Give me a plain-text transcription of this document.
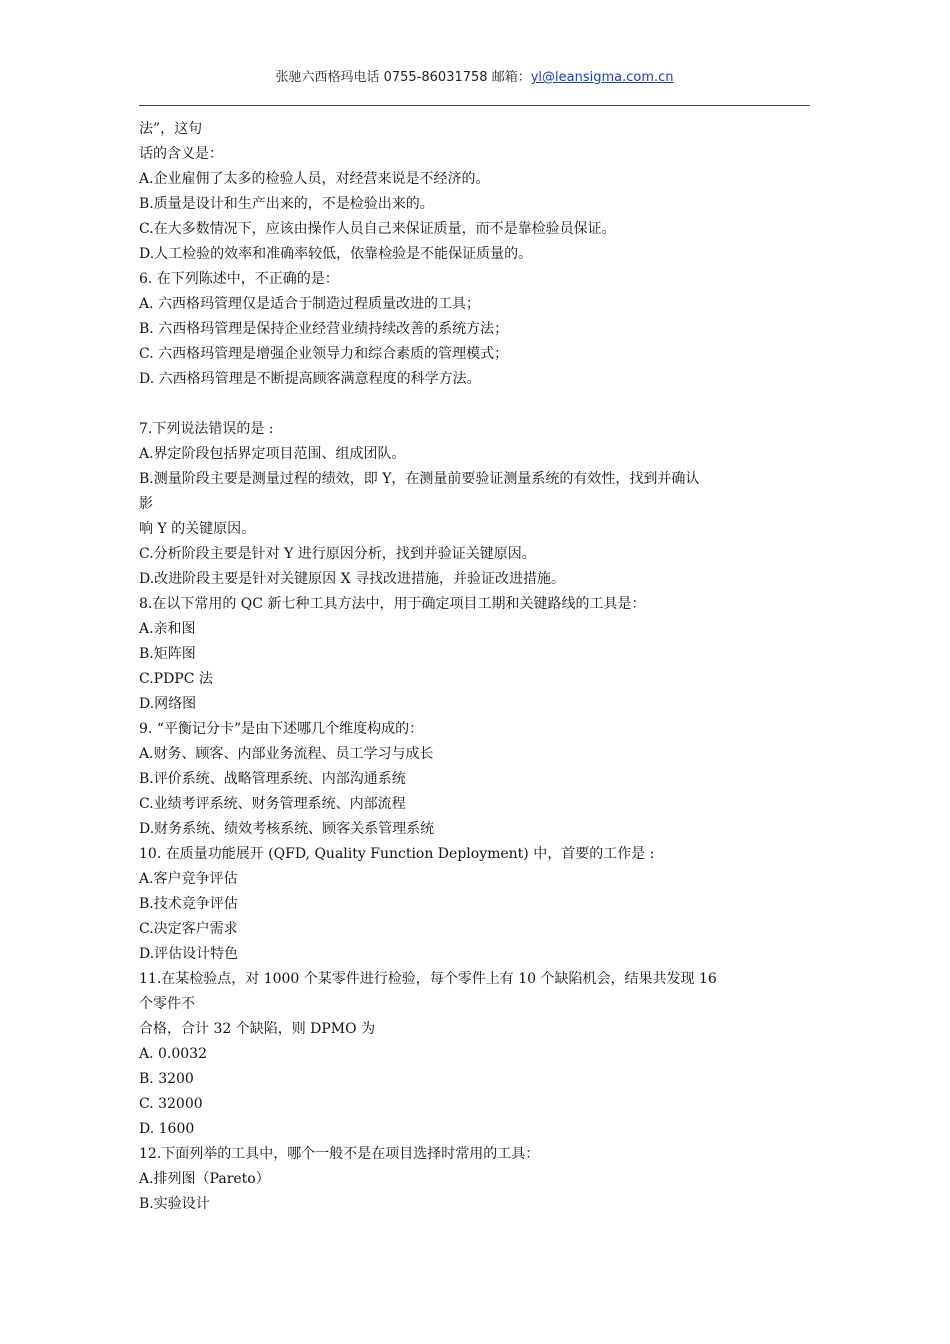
张驰六西格玛电话 0755-86031758 邮箱：yl@leansigma.com.cn
法”，这句
话的含义是：
A.企业雇佣了太多的检验人员，对经营来说是不经济的。
B.质量是设计和生产出来的，不是检验出来的。
C.在大多数情况下，应该由操作人员自己来保证质量，而不是靠检验员保证。
D.人工检验的效率和准确率较低，依靠检验是不能保证质量的。
6. 在下列陈述中，不正确的是：
A. 六西格玛管理仅是适合于制造过程质量改进的工具；
B. 六西格玛管理是保持企业经营业绩持续改善的系统方法；
C. 六西格玛管理是增强企业领导力和综合素质的管理模式；
D. 六西格玛管理是不断提高顾客满意程度的科学方法。
7.下列说法错误的是 :
A.界定阶段包括界定项目范围、组成团队。
B.测量阶段主要是测量过程的绩效，即 Y，在测量前要验证测量系统的有效性，找到并确认
影
响 Y 的关键原因。
C.分析阶段主要是针对 Y 进行原因分析，找到并验证关键原因。
D.改进阶段主要是针对关键原因 X 寻找改进措施，并验证改进措施。
8.在以下常用的 QC 新七种工具方法中，用于确定项目工期和关键路线的工具是：
A.亲和图
B.矩阵图
C.PDPC 法
D.网络图
9. “平衡记分卡”是由下述哪几个维度构成的：
A.财务、顾客、内部业务流程、员工学习与成长
B.评价系统、战略管理系统、内部沟通系统
C.业绩考评系统、财务管理系统、内部流程
D.财务系统、绩效考核系统、顾客关系管理系统
10. 在质量功能展开 (QFD, Quality Function Deployment) 中，首要的工作是 :
A.客户竞争评估
B.技术竞争评估
C.决定客户需求
D.评估设计特色
11.在某检验点，对 1000 个某零件进行检验，每个零件上有 10 个缺陷机会，结果共发现 16
个零件不
合格，合计 32 个缺陷，则 DPMO 为
A. 0.0032
B. 3200
C. 32000
D. 1600
12.下面列举的工具中，哪个一般不是在项目选择时常用的工具：
A.排列图（Pareto）
B.实验设计
